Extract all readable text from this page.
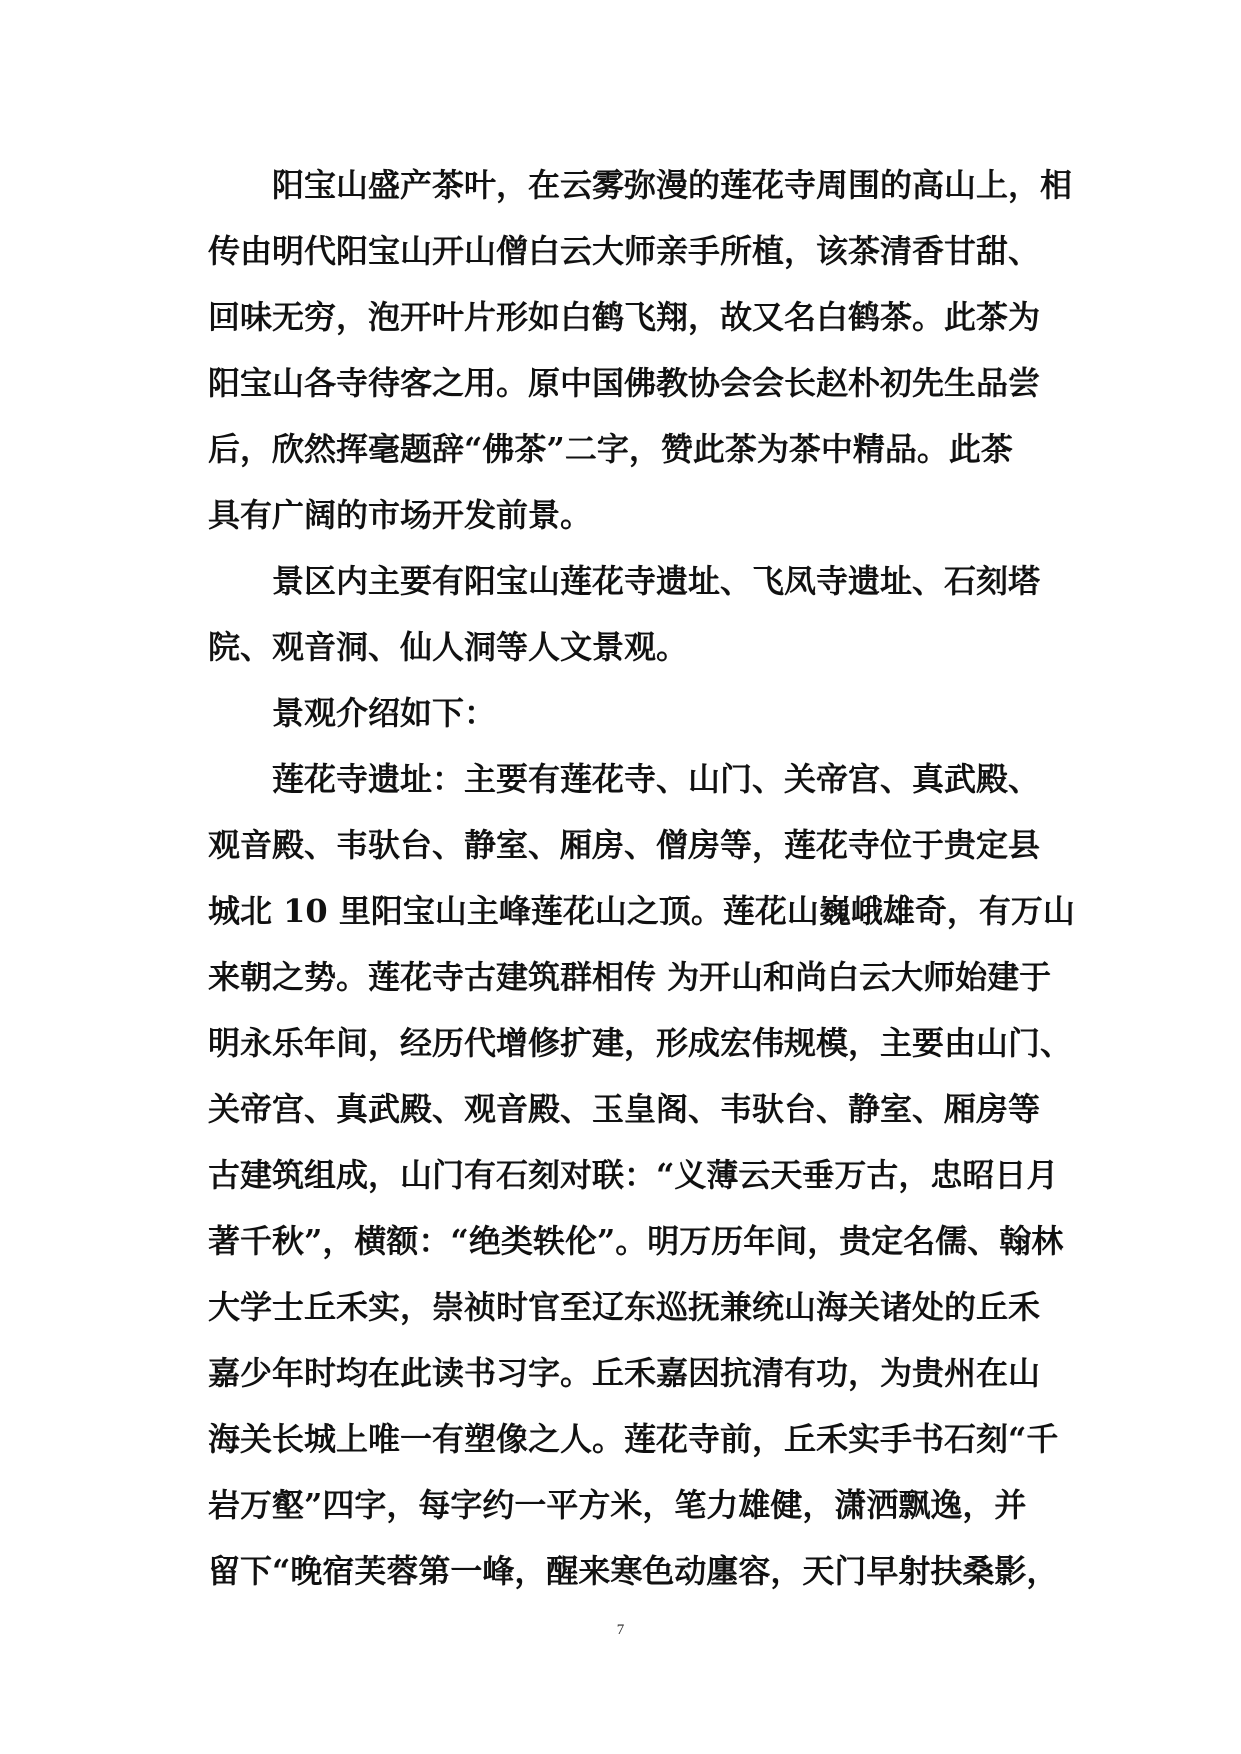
阳宝山盛产茶叶，在云雾弥漫的莲花寺周围的高山上，相
传由明代阳宝山开山僧白云大师亲手所植，该茶清香甘甜、
回味无穷，泡开叶片形如白鹤飞翔，故又名白鹤茶。此茶为
阳宝山各寺待客之用。原中国佛教协会会长赵朴初先生品尝
后，欣然挥毫题辞“佛茶”二字，赞此茶为茶中精品。此茶
具有广阔的市场开发前景。
景区内主要有阳宝山莲花寺遗址、飞凤寺遗址、石刻塔
院、观音洞、仙人洞等人文景观。
景观介绍如下：
莲花寺遗址：主要有莲花寺、山门、关帝宫、真武殿、
观音殿、韦驮台、静室、厢房、僧房等，莲花寺位于贵定县
城北 10 里阳宝山主峰莲花山之顶。莲花山巍峨雄奇，有万山
来朝之势。莲花寺古建筑群相传 为开山和尚白云大师始建于
明永乐年间，经历代增修扩建，形成宏伟规模，主要由山门、
关帝宫、真武殿、观音殿、玉皇阁、韦驮台、静室、厢房等
古建筑组成，山门有石刻对联：“义薄云天垂万古，忠昭日月
著千秋”，横额：“绝类轶伦”。明万历年间，贵定名儒、翰林
大学士丘禾实，崇祯时官至辽东巡抚兼统山海关诸处的丘禾
嘉少年时均在此读书习字。丘禾嘉因抗清有功，为贵州在山
海关长城上唯一有塑像之人。莲花寺前，丘禾实手书石刻“千
岩万壑”四字，每字约一平方米，笔力雄健，潇洒飘逸，并
留下“晚宿芙蓉第一峰，醒来寒色动廛容，天门早射扶桑影，
7
